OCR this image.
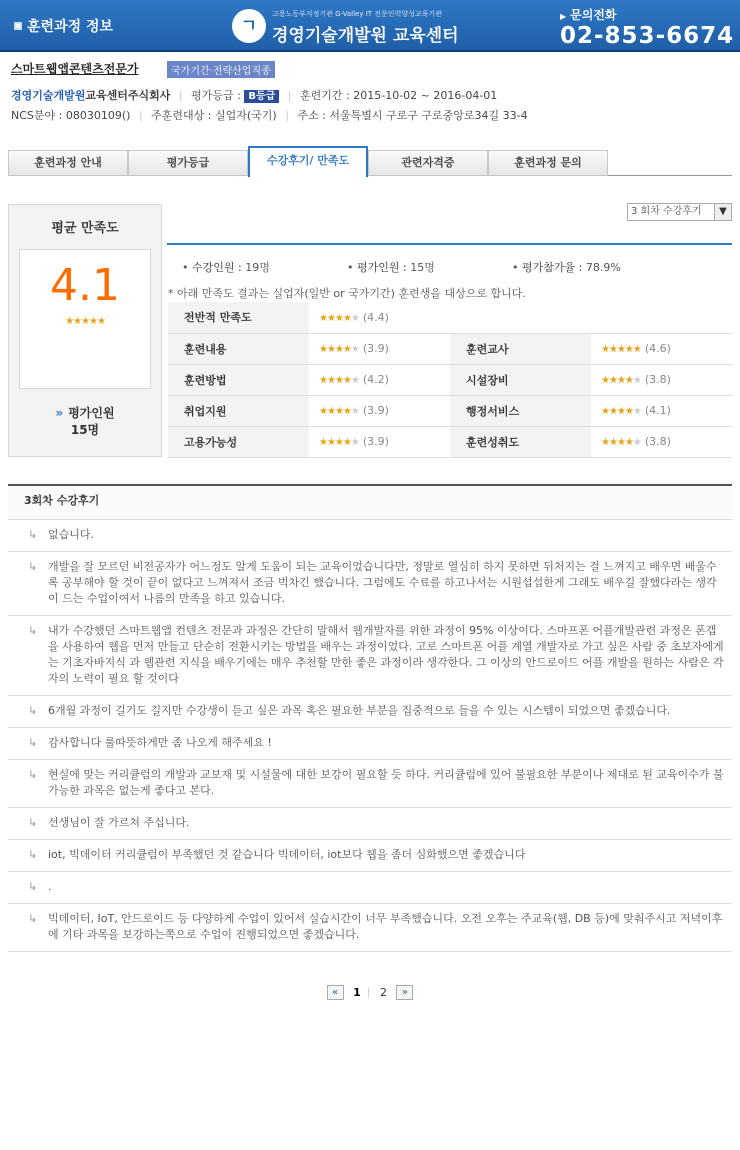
훈련과정 정보	ㄱ
고용노동부지정기관 G-Valley IT 전문인력양성교육기관
경영기술개발원 교육센터
▶ 문의전화
02-853-6674
스마트웹앱콘텐츠전문가	국가기간·전략산업직종
경영기술개발원교육센터주식회사 | 평가등급 : B등급 | 훈련기간 : 2015-10-02 ~ 2016-04-01
NCS분야 : 08030109() | 주훈련대상 : 실업자(국기) | 주소 : 서울특별시 구로구 구로중앙로34길 33-4
훈련과정 안내	평가등급	수강후기/ 만족도	관련자격증	훈련과정 문의
평균 만족도
4.1
★★★★★
» 평가인원
15명
3 회차 수강후기	▼
• 수강인원 : 19명	• 평가인원 : 15명	• 평가참가율 : 78.9%
* 아래 만족도 결과는 실업자(일반 or 국가기간) 훈련생을 대상으로 합니다.
전반적 만족도	★★★★★ (4.4)		
훈련내용	★★★★★ (3.9)	훈련교사	★★★★★ (4.6)
훈련방법	★★★★★ (4.2)	시설장비	★★★★★ (3.8)
취업지원	★★★★★ (3.9)	행정서비스	★★★★★ (4.1)
고용가능성	★★★★★ (3.9)	훈련성취도	★★★★★ (3.8)
3회차 수강후기
↳ 없습니다.
↳ 개발을 잘 모르던 비전공자가 어느정도 알게 도움이 되는 교육이었습니다만, 정말로 열심히 하지 못하면 뒤처지는 걸 느껴지고 배우면 배울수록 공부해야 할 것이 끝이 없다고 느껴져서 조금 벅차긴 했습니다. 그럼에도 수료를 하고나서는 시원섭섭한게 그래도 배우길 잘했다라는 생각이 드는 수업이여서 나름의 만족을 하고 있습니다.
↳ 내가 수강했던 스마트웹앱 컨텐츠 전문과 과정은 간단히 말해서 웹개발자를 위한 과정이 95% 이상이다. 스마프폰 어플개발관련 과정은 폰갭을 사용하여 웹을 먼저 만들고 단순히 전환시키는 방법을 배우는 과정이었다. 고로 스마트폰 어플 계열 개발자로 가고 싶은 사람 중 초보자에게는 기초자바지식 과 웹관련 지식을 배우기에는 매우 추천할 만한 좋은 과정이라 생각한다. 그 이상의 안드로이드 어플 개발을 원하는 사람은 각자의 노력이 필요 할 것이다
↳ 6개월 과정이 길기도 길지만 수강생이 듣고 싶은 과목 혹은 필요한 부분을 집중적으로 들을 수 있는 시스템이 되었으면 좋겠습니다.
↳ 감사합니다 룰따뜻하게만 좀 나오게 해주세요 !
↳ 현실에 맞는 커리큘럼의 개발과 교보재 및 시설물에 대한 보강이 필요할 듯 하다. 커리큘럼에 있어 불필요한 부분이나 제대로 된 교육이수가 불가능한 과목은 없는게 좋다고 본다.
↳ 선생님이 잘 가르쳐 주십니다.
↳ iot, 빅데이터 커리큘럼이 부족했던 것 같습니다 빅데이터, iot보다 웹을 좀더 심화했으면 좋겠습니다
↳ .
↳ 빅데이터, IoT, 안드로이드 등 다양하게 수업이 있어서 실습시간이 너무 부족했습니다. 오전 오후는 주교육(웹, DB 등)에 맞춰주시고 저녁이후에 기타 과목을 보강하는쪽으로 수업이 진행되었으면 좋겠습니다.
« 1 | 2 »
